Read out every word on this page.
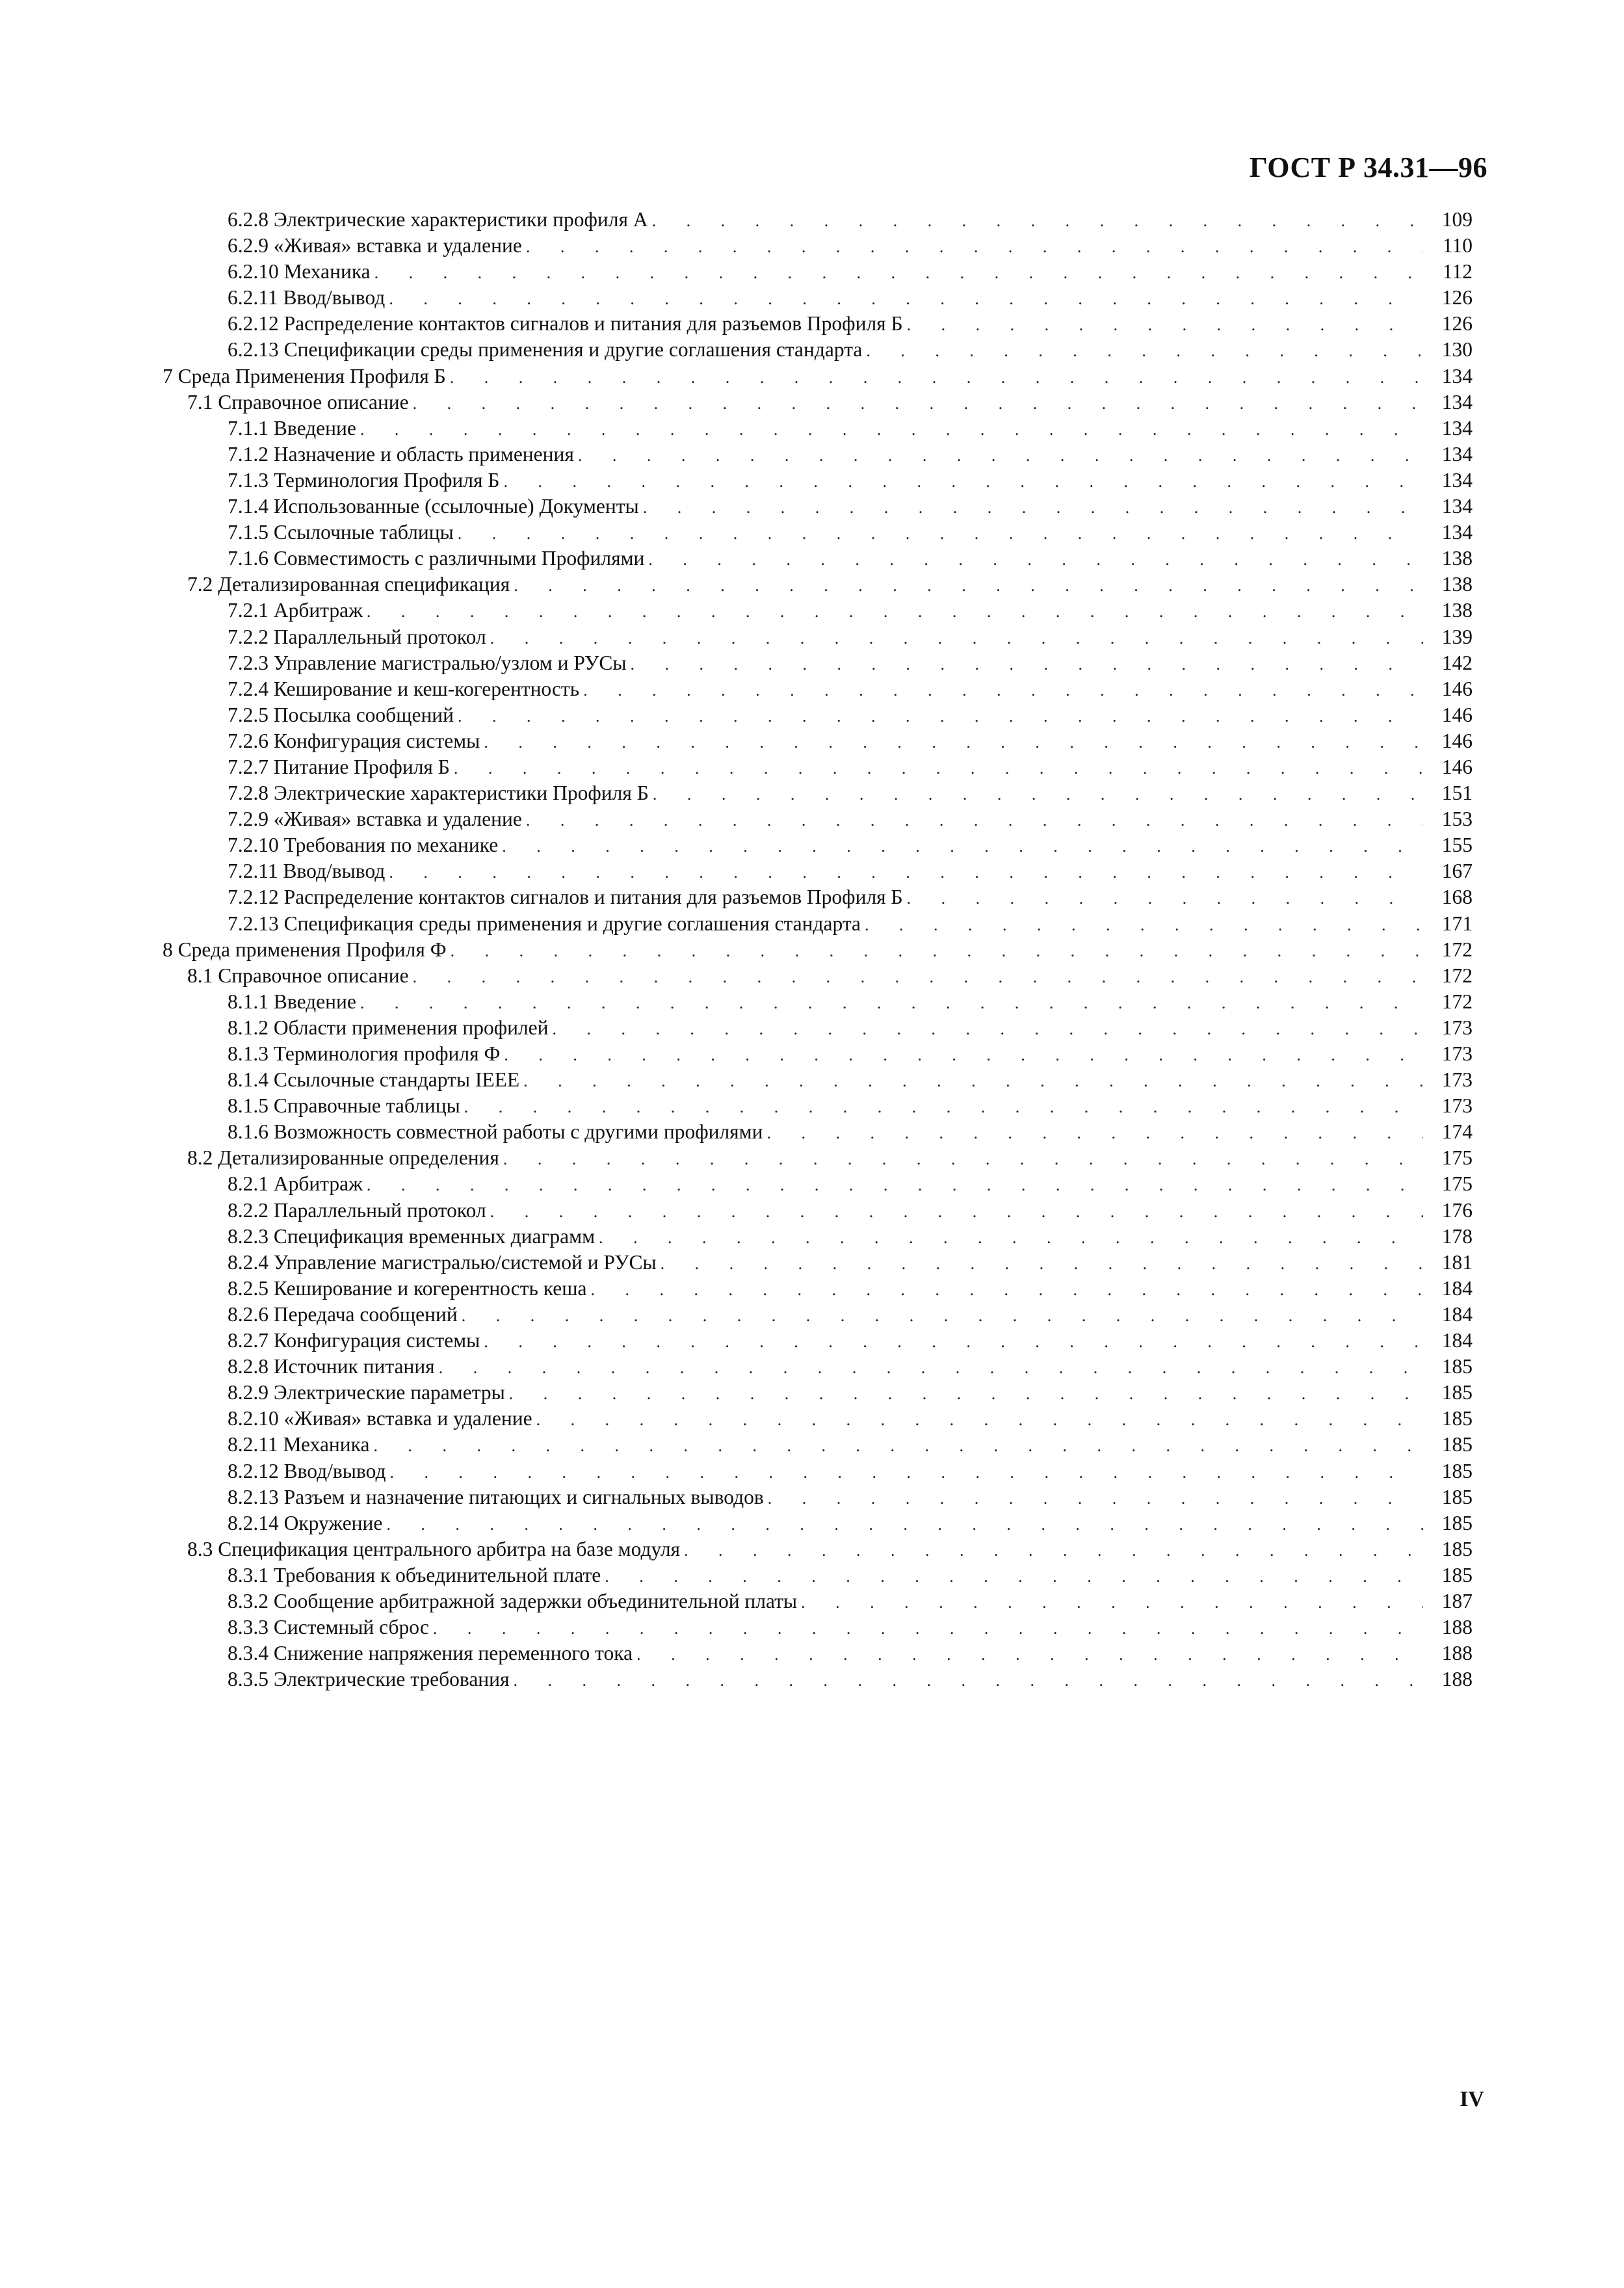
ГОСТ Р 34.31—96
6.2.8 Электрические характеристики профиля А . . .	109
6.2.9 «Живая» вставка и удаление . . .	110
6.2.10 Механика . . .	112
6.2.11 Ввод/вывод . . .	126
6.2.12 Распределение контактов сигналов и питания для разъемов Профиля Б . . .	126
6.2.13 Спецификации среды применения и другие соглашения стандарта . . .	130
7 Среда Применения Профиля Б . . .	134
7.1 Справочное описание . . .	134
7.1.1 Введение . . .	134
7.1.2 Назначение и область применения . . .	134
7.1.3 Терминология Профиля Б . . .	134
7.1.4 Использованные (ссылочные) Документы . . .	134
7.1.5 Ссылочные таблицы . . .	134
7.1.6 Совместимость с различными Профилями . . .	138
7.2 Детализированная спецификация . . .	138
7.2.1 Арбитраж . . .	138
7.2.2 Параллельный протокол . . .	139
7.2.3 Управление магистралью/узлом и РУСы . . .	142
7.2.4 Кеширование и кеш-когерентность . . .	146
7.2.5 Посылка сообщений . . .	146
7.2.6 Конфигурация системы . . .	146
7.2.7 Питание Профиля Б . . .	146
7.2.8 Электрические характеристики Профиля Б . . .	151
7.2.9 «Живая» вставка и удаление . . .	153
7.2.10 Требования по механике . . .	155
7.2.11 Ввод/вывод . . .	167
7.2.12 Распределение контактов сигналов и питания для разъемов Профиля Б . . .	168
7.2.13 Спецификация среды применения и другие соглашения стандарта . . .	171
8 Среда применения Профиля Ф . . .	172
8.1 Справочное описание . . .	172
8.1.1 Введение . . .	172
8.1.2 Области применения профилей . . .	173
8.1.3 Терминология профиля Ф . . .	173
8.1.4 Ссылочные стандарты IEEE . . .	173
8.1.5 Справочные таблицы . . .	173
8.1.6 Возможность совместной работы с другими профилями . . .	174
8.2 Детализированные определения . . .	175
8.2.1 Арбитраж . . .	175
8.2.2 Параллельный протокол . . .	176
8.2.3 Спецификация временных диаграмм . . .	178
8.2.4 Управление магистралью/системой и РУСы . . .	181
8.2.5 Кеширование и когерентность кеша . . .	184
8.2.6 Передача сообщений . . .	184
8.2.7 Конфигурация системы . . .	184
8.2.8 Источник питания . . .	185
8.2.9 Электрические параметры . . .	185
8.2.10 «Живая» вставка и удаление . . .	185
8.2.11 Механика . . .	185
8.2.12 Ввод/вывод . . .	185
8.2.13 Разъем и назначение питающих и сигнальных выводов . . .	185
8.2.14 Окружение . . .	185
8.3 Спецификация центрального арбитра на базе модуля . . .	185
8.3.1 Требования к объединительной плате . . .	185
8.3.2 Сообщение арбитражной задержки объединительной платы . . .	187
8.3.3 Системный сброс . . .	188
8.3.4 Снижение напряжения переменного тока . . .	188
8.3.5 Электрические требования . . .	188
IV
